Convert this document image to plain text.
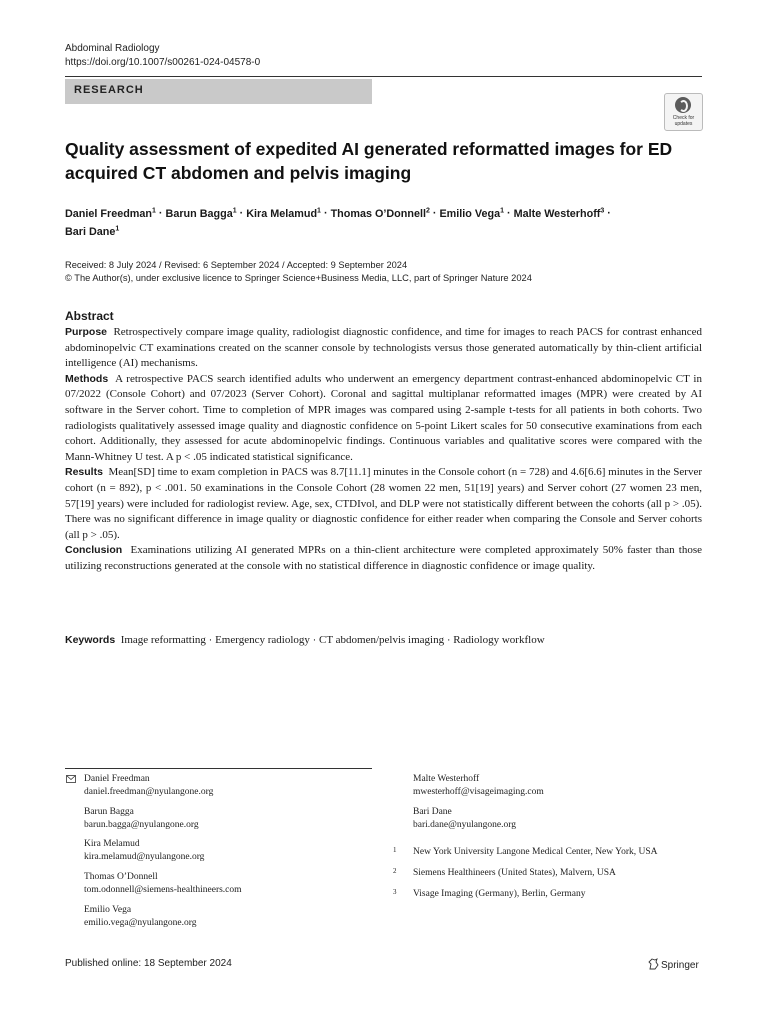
Abdominal Radiology
https://doi.org/10.1007/s00261-024-04578-0
RESEARCH
Check for updates
Quality assessment of expedited AI generated reformatted images for ED acquired CT abdomen and pelvis imaging
Daniel Freedman$^1$ · Barun Bagga$^1$ · Kira Melamud$^1$ · Thomas O’Donnell$^2$ · Emilio Vega$^1$ · Malte Westerhoff$^3$ ·
Bari Dane$^1$
Received: 8 July 2024 / Revised: 6 September 2024 / Accepted: 9 September 2024
© The Author(s), under exclusive licence to Springer Science+Business Media, LLC, part of Springer Nature 2024
Abstract

Purpose Retrospectively compare image quality, radiologist diagnostic confidence, and time for images to reach PACS for contrast enhanced abdominopelvic CT examinations created on the scanner console by technologists versus those generated automatically by thin-client artificial intelligence (AI) mechanisms.

Methods A retrospective PACS search identified adults who underwent an emergency department contrast-enhanced abdominopelvic CT in 07/2022 (Console Cohort) and 07/2023 (Server Cohort). Coronal and sagittal multiplanar reformatted images (MPR) were created by AI software in the Server cohort. Time to completion of MPR images was compared using 2-sample t-tests for all patients in both cohorts. Two radiologists qualitatively assessed image quality and diagnostic confidence on 5-point Likert scales for 50 consecutive examinations from each cohort. Additionally, they assessed for acute abdominopelvic findings. Continuous variables and qualitative scores were compared with the Mann-Whitney U test. A p < .05 indicated statistical significance.

Results Mean[SD] time to exam completion in PACS was 8.7[11.1] minutes in the Console cohort (n = 728) and 4.6[6.6] minutes in the Server cohort (n = 892), p < .001. 50 examinations in the Console Cohort (28 women 22 men, 51[19] years) and Server cohort (27 women 23 men, 57[19] years) were included for radiologist review. Age, sex, CTDIvol, and DLP were not statistically different between the cohorts (all p > .05). There was no significant difference in image quality or diagnostic confidence for either reader when comparing the Console and Server cohorts (all p > .05).

Conclusion Examinations utilizing AI generated MPRs on a thin-client architecture were completed approximately 50% faster than those utilizing reconstructions generated at the console with no statistical difference in diagnostic confidence or image quality.

Keywords Image reformatting · Emergency radiology · CT abdomen/pelvis imaging · Radiology workflow
Daniel Freedman
daniel.freedman@nyulangone.org
Barun Bagga
barun.bagga@nyulangone.org
Kira Melamud
kira.melamud@nyulangone.org
Thomas O’Donnell
tom.odonnell@siemens-healthineers.com
Emilio Vega
emilio.vega@nyulangone.org
Malte Westerhoff
mwesterhoff@visageimaging.com
Bari Dane
bari.dane@nyulangone.org
1 New York University Langone Medical Center, New York, USA
2 Siemens Healthineers (United States), Malvern, USA
3 Visage Imaging (Germany), Berlin, Germany
Published online: 18 September 2024	Springer
